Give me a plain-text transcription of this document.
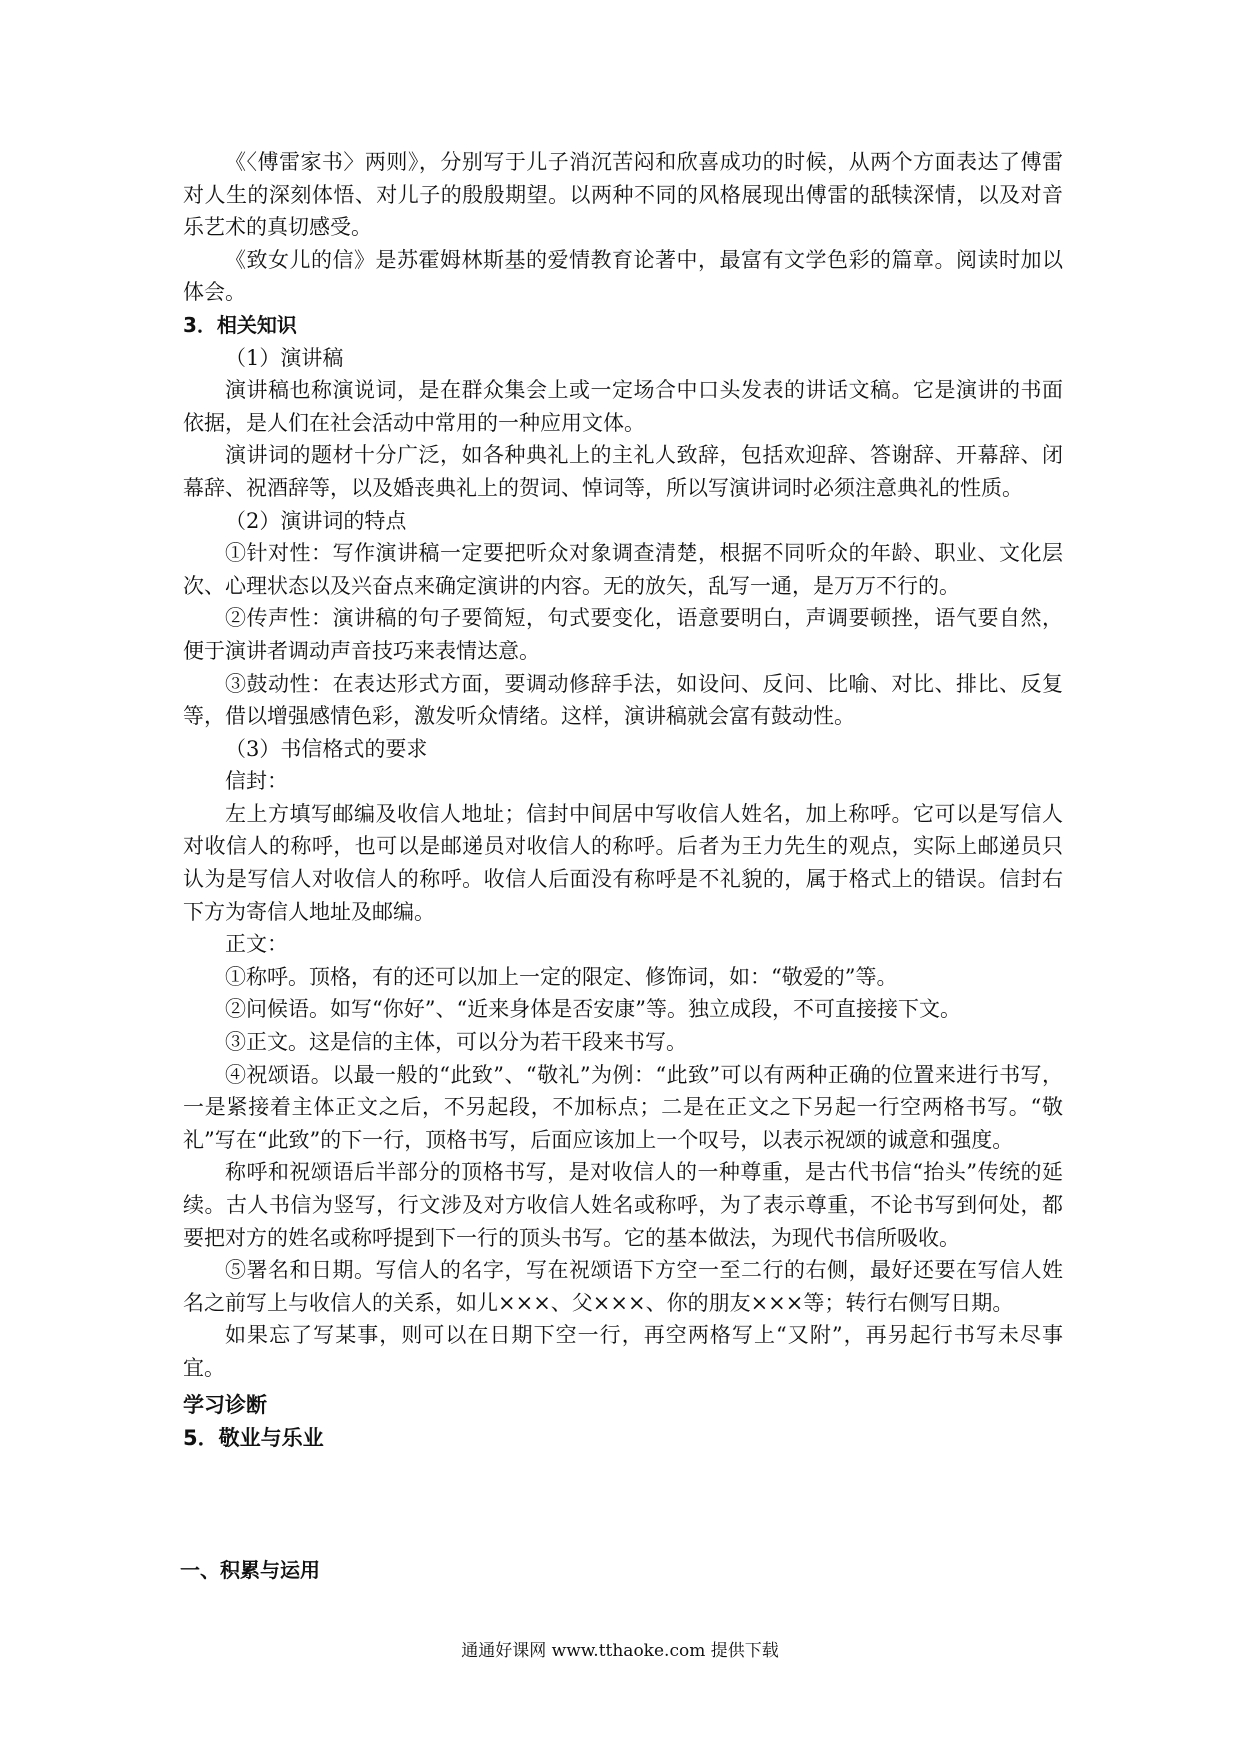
《〈傅雷家书〉两则》，分别写于儿子消沉苦闷和欣喜成功的时候，从两个方面表达了傅雷对人生的深刻体悟、对儿子的殷殷期望。以两种不同的风格展现出傅雷的舐犊深情，以及对音乐艺术的真切感受。

《致女儿的信》是苏霍姆林斯基的爱情教育论著中，最富有文学色彩的篇章。阅读时加以体会。

3．相关知识

（1）演讲稿

演讲稿也称演说词，是在群众集会上或一定场合中口头发表的讲话文稿。它是演讲的书面依据，是人们在社会活动中常用的一种应用文体。

演讲词的题材十分广泛，如各种典礼上的主礼人致辞，包括欢迎辞、答谢辞、开幕辞、闭幕辞、祝酒辞等，以及婚丧典礼上的贺词、悼词等，所以写演讲词时必须注意典礼的性质。

（2）演讲词的特点

①针对性：写作演讲稿一定要把听众对象调查清楚，根据不同听众的年龄、职业、文化层次、心理状态以及兴奋点来确定演讲的内容。无的放矢，乱写一通，是万万不行的。

②传声性：演讲稿的句子要简短，句式要变化，语意要明白，声调要顿挫，语气要自然，便于演讲者调动声音技巧来表情达意。

③鼓动性：在表达形式方面，要调动修辞手法，如设问、反问、比喻、对比、排比、反复等，借以增强感情色彩，激发听众情绪。这样，演讲稿就会富有鼓动性。

（3）书信格式的要求

信封：

左上方填写邮编及收信人地址；信封中间居中写收信人姓名，加上称呼。它可以是写信人对收信人的称呼，也可以是邮递员对收信人的称呼。后者为王力先生的观点，实际上邮递员只认为是写信人对收信人的称呼。收信人后面没有称呼是不礼貌的，属于格式上的错误。信封右下方为寄信人地址及邮编。

正文：

①称呼。顶格，有的还可以加上一定的限定、修饰词，如：“敬爱的”等。

②问候语。如写“你好”、“近来身体是否安康”等。独立成段，不可直接接下文。

③正文。这是信的主体，可以分为若干段来书写。

④祝颂语。以最一般的“此致”、“敬礼”为例：“此致”可以有两种正确的位置来进行书写，一是紧接着主体正文之后，不另起段，不加标点；二是在正文之下另起一行空两格书写。“敬礼”写在“此致”的下一行，顶格书写，后面应该加上一个叹号，以表示祝颂的诚意和强度。

称呼和祝颂语后半部分的顶格书写，是对收信人的一种尊重，是古代书信“抬头”传统的延续。古人书信为竖写，行文涉及对方收信人姓名或称呼，为了表示尊重，不论书写到何处，都要把对方的姓名或称呼提到下一行的顶头书写。它的基本做法，为现代书信所吸收。

⑤署名和日期。写信人的名字，写在祝颂语下方空一至二行的右侧，最好还要在写信人姓名之前写上与收信人的关系，如儿×××、父×××、你的朋友×××等；转行右侧写日期。

如果忘了写某事，则可以在日期下空一行，再空两格写上“又附”，再另起行书写未尽事宜。

学习诊断

5．敬业与乐业

一、积累与运用

通通好课网 www.tthaoke.com 提供下载
